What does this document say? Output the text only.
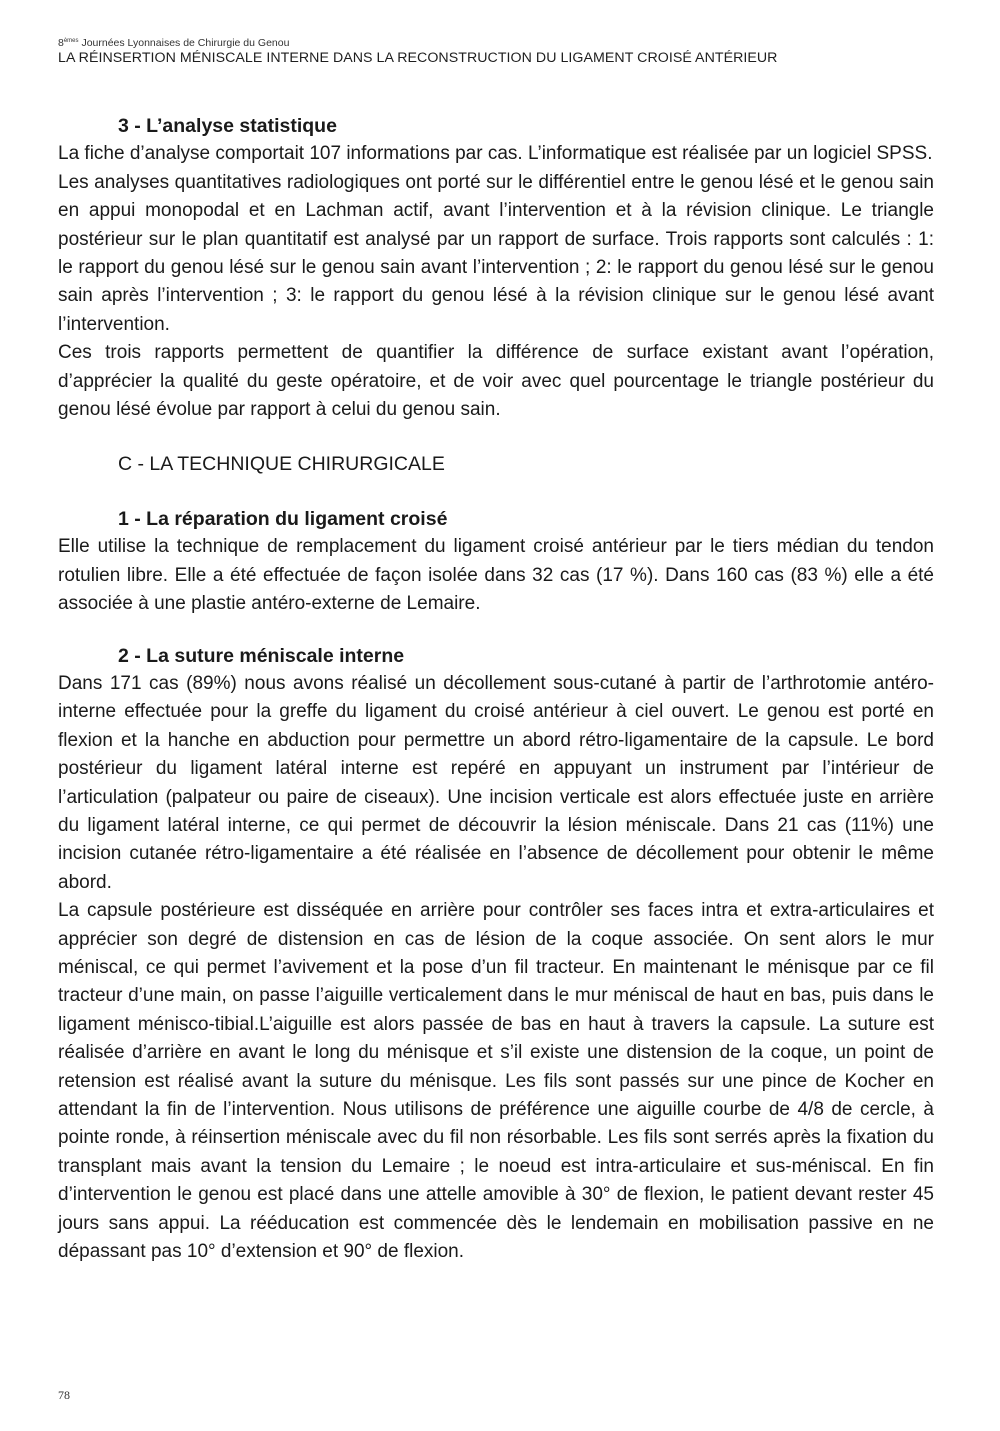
8èmes Journées Lyonnaises de Chirurgie du Genou
LA RÉINSERTION MÉNISCALE INTERNE DANS LA RECONSTRUCTION DU LIGAMENT CROISÉ ANTÉRIEUR
3 - L’analyse statistique

La fiche d’analyse comportait 107 informations par cas. L’informatique est réalisée par un logiciel SPSS.

Les analyses quantitatives radiologiques ont porté sur le différentiel entre le genou lésé et le genou sain en appui monopodal et en Lachman actif, avant l’intervention et à la révision clinique. Le triangle postérieur sur le plan quantitatif est analysé par un rapport de surface. Trois rapports sont calculés : 1: le rapport du genou lésé sur le genou sain avant l’intervention ; 2: le rapport du genou lésé sur le genou sain après l’intervention ; 3: le rapport du genou lésé à la révision clinique sur le genou lésé avant l’intervention.

Ces trois rapports permettent de quantifier la différence de surface existant avant l’opération, d’apprécier la qualité du geste opératoire, et de voir avec quel pourcentage le triangle postérieur du genou lésé évolue par rapport à celui du genou sain.

C - LA TECHNIQUE CHIRURGICALE
1 - La réparation du ligament croisé

Elle utilise la technique de remplacement du ligament croisé antérieur par le tiers médian du tendon rotulien libre. Elle a été effectuée de façon isolée dans 32 cas (17 %). Dans 160 cas (83 %) elle a été associée à une plastie antéro-externe de Lemaire.

2 - La suture méniscale interne

Dans 171 cas (89%) nous avons réalisé un décollement sous-cutané à partir de l’arthrotomie antéro-interne effectuée pour la greffe du ligament du croisé antérieur à ciel ouvert. Le genou est porté en flexion et la hanche en abduction pour permettre un abord rétro-ligamentaire de la capsule. Le bord postérieur du ligament latéral interne est repéré en appuyant un instrument par l’intérieur de l’articulation (palpateur ou paire de ciseaux). Une incision verticale est alors effectuée juste en arrière du ligament latéral interne, ce qui permet de découvrir la lésion méniscale. Dans 21 cas (11%) une incision cutanée rétro-ligamentaire a été réalisée en l’absence de décollement pour obtenir le même abord.

La capsule postérieure est disséquée en arrière pour contrôler ses faces intra et extra-articulaires et apprécier son degré de distension en cas de lésion de la coque associée. On sent alors le mur méniscal, ce qui permet l’avivement et la pose d’un fil tracteur. En maintenant le ménisque par ce fil tracteur d’une main, on passe l’aiguille verticalement dans le mur méniscal de haut en bas, puis dans le ligament ménisco-tibial.L’aiguille est alors passée de bas en haut à travers la capsule. La suture est réalisée d’arrière en avant le long du ménisque et s’il existe une distension de la coque, un point de retension est réalisé avant la suture du ménisque. Les fils sont passés sur une pince de Kocher en attendant la fin de l’intervention. Nous utilisons de préférence une aiguille courbe de 4/8 de cercle, à pointe ronde, à réinsertion méniscale avec du fil non résorbable. Les fils sont serrés après la fixation du transplant mais avant la tension du Lemaire ; le noeud est intra-articulaire et sus-méniscal. En fin d’intervention le genou est placé dans une attelle amovible à 30° de flexion, le patient devant rester 45 jours sans appui. La rééducation est commencée dès le lendemain en mobilisation passive en ne dépassant pas 10° d’extension et 90° de flexion.

78
